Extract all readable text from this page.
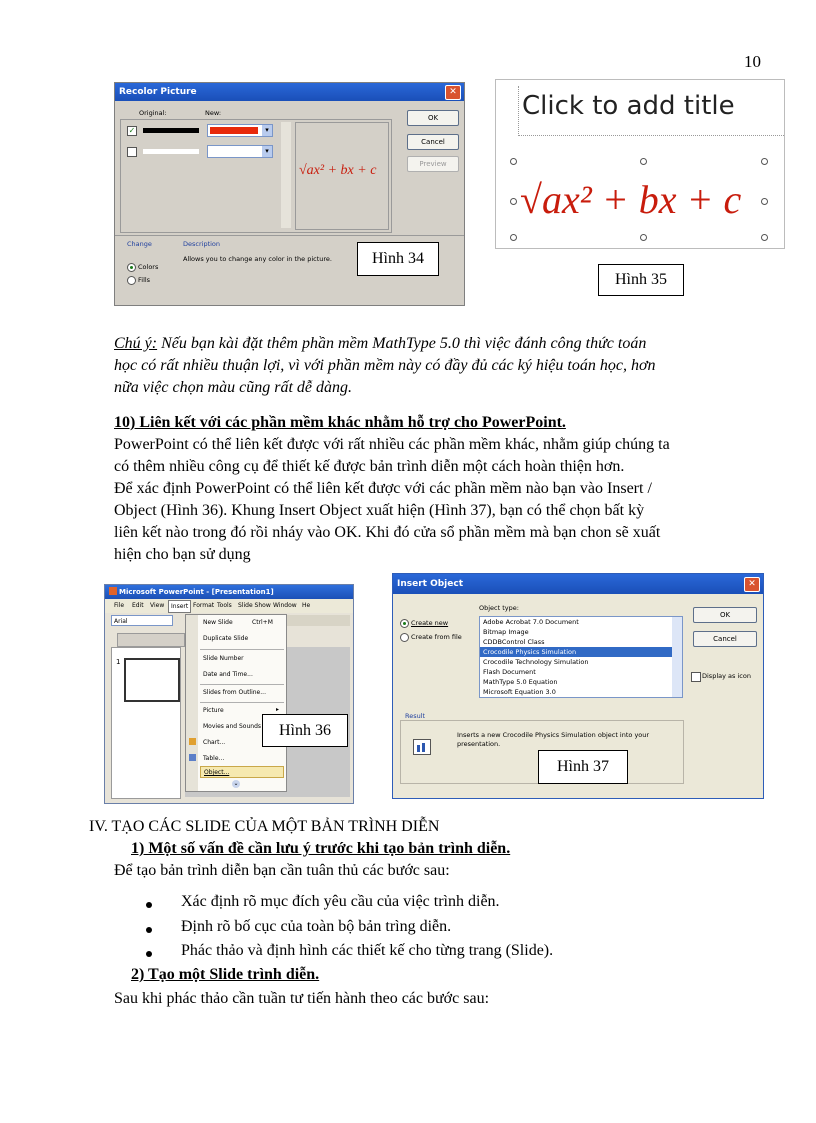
10
Recolor Picture	✕
Original:	New:
✓	▾
▾
√ax² + bx + c
OK
Cancel
Preview
Change	Description
Allows you to change any color in the picture.
Colors
Fills
Hình 34
Click to add title
√ax² + bx + c
Hình 35
Chú ý: Nếu bạn kài đặt thêm phần mềm MathType 5.0 thì việc đánh công thức toán
học có rất nhiều thuận lợi, vì với phần mềm này có đầy đủ các ký hiệu toán học, hơn
nữa việc chọn màu cũng rất dễ dàng.
10) Liên kết với các phần mềm khác nhằm hỗ trợ cho PowerPoint.
PowerPoint có thể liên kết được với rất nhiều các phần mềm khác, nhằm giúp chúng ta
có thêm nhiều công cụ để thiết kế được bản trình diễn một cách hoàn thiện hơn.
Để xác định PowerPoint có thể liên kết được với các phần mềm nào bạn vào Insert /
Object (Hình 36). Khung Insert Object xuất hiện (Hình 37), bạn có thể chọn bất kỳ
liên kết nào trong đó rồi nháy vào OK. Khi đó cửa sổ phần mềm mà bạn chon sẽ xuất
hiện cho bạn sử dụng
Microsoft PowerPoint - [Presentation1]
File Edit View	Insert Format Tools Slide Show Window He
Arial
1
New Slide	Ctrl+M
Duplicate Slide
Slide Number
Date and Time...
Slides from Outline...
Picture	▸
Movies and Sounds
Chart...
Table...
Object...
⌄
Hình 36
Insert Object	✕
Create new
Create from file
Object type:
Adobe Acrobat 7.0 Document
Bitmap Image
CDDBControl Class
Crocodile Physics Simulation
Crocodile Technology Simulation
Flash Document
MathType 5.0 Equation
Microsoft Equation 3.0
OK
Cancel
Display as icon
Result
Inserts a new Crocodile Physics Simulation object into your presentation.
Hình 37
IV. TẠO CÁC SLIDE CỦA MỘT BẢN TRÌNH DIỄN
1) Một số vấn đề cần lưu ý trước khi tạo bản trình diễn.
Để tạo bản trình diễn bạn cần tuân thủ các bước sau:
Xác định rõ mục đích yêu cầu của việc trình diễn.
Định rõ bố cục của toàn bộ bản trìng diễn.
Phác thảo và định hình các thiết kế cho từng trang (Slide).
2) Tạo một Slide trình diễn.
Sau khi phác thảo cần tuần tư tiến hành theo các bước sau:
